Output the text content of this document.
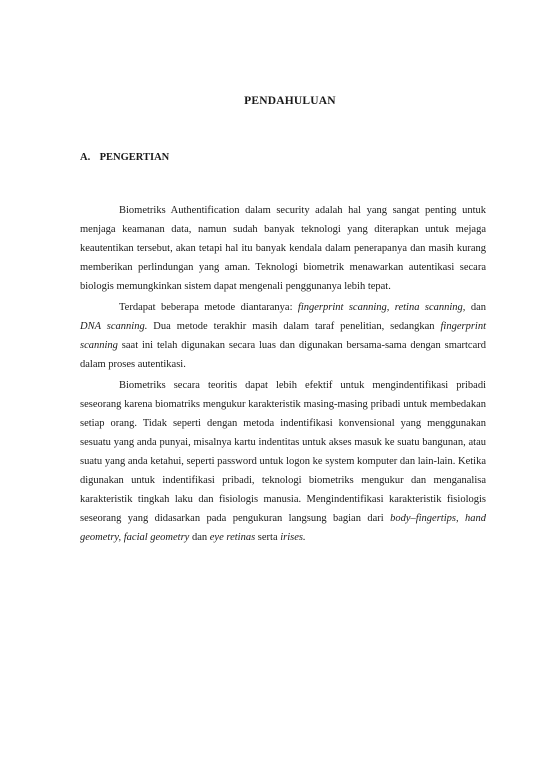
PENDAHULUAN
A. PENGERTIAN

Biometriks Authentification dalam security adalah hal yang sangat penting untuk menjaga keamanan data, namun sudah banyak teknologi yang diterapkan untuk mejaga keautentikan tersebut, akan tetapi hal itu banyak kendala dalam penerapanya dan masih kurang memberikan perlindungan yang aman. Teknologi biometrik menawarkan autentikasi secara biologis memungkinkan sistem dapat mengenali penggunanya lebih tepat.

Terdapat beberapa metode diantaranya: fingerprint scanning, retina scanning, dan DNA scanning. Dua metode terakhir masih dalam taraf penelitian, sedangkan fingerprint scanning saat ini telah digunakan secara luas dan digunakan bersama-sama dengan smartcard dalam proses autentikasi.

Biometriks secara teoritis dapat lebih efektif untuk mengindentifikasi pribadi seseorang karena biomatriks mengukur karakteristik masing-masing pribadi untuk membedakan setiap orang. Tidak seperti dengan metoda indentifikasi konvensional yang menggunakan sesuatu yang anda punyai, misalnya kartu indentitas untuk akses masuk ke suatu bangunan, atau suatu yang anda ketahui, seperti password untuk logon ke system komputer dan lain-lain. Ketika digunakan untuk indentifikasi pribadi, teknologi biometriks mengukur dan menganalisa karakteristik tingkah laku dan fisiologis manusia. Mengindentifikasi karakteristik fisiologis seseorang yang didasarkan pada pengukuran langsung bagian dari body–fingertips, hand geometry, facial geometry dan eye retinas serta irises.
